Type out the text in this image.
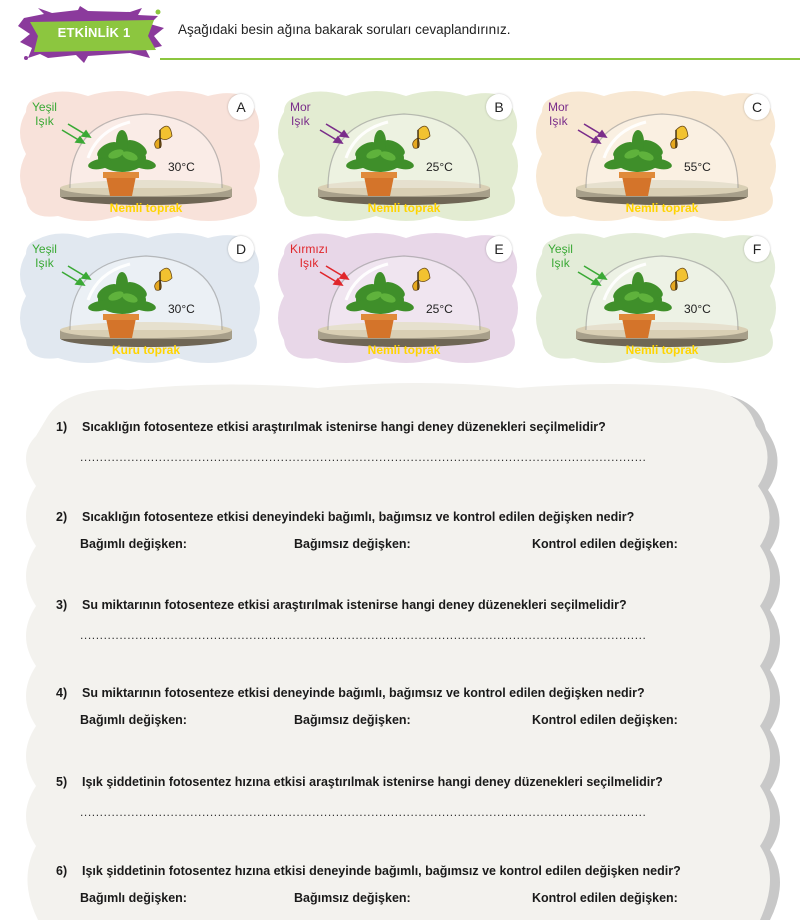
ETKİNLİK 1	Aşağıdaki besin ağına bakarak soruları cevaplandırınız.
Yeşil
Işık
A
30°C
Nemli toprak
Mor
Işık
B
25°C
Nemli toprak
Mor
Işık
C
55°C
Nemli toprak
Yeşil
Işık
D
30°C
Kuru toprak
Kırmızı
Işık
E
25°C
Nemli toprak
Yeşil
Işık
F
30°C
Nemli toprak
1) Sıcaklığın fotosenteze etkisi araştırılmak istenirse hangi deney düzenekleri seçilmelidir?
................................................................................................................................................
2) Sıcaklığın fotosenteze etkisi deneyindeki bağımlı, bağımsız ve kontrol edilen değişken nedir?
Bağımlı değişken:	Bağımsız değişken:	Kontrol edilen değişken:
3) Su miktarının fotosenteze etkisi araştırılmak istenirse hangi deney düzenekleri seçilmelidir?
................................................................................................................................................
4) Su miktarının fotosenteze etkisi deneyinde bağımlı, bağımsız ve kontrol edilen değişken nedir?
Bağımlı değişken:	Bağımsız değişken:	Kontrol edilen değişken:
5) Işık şiddetinin fotosentez hızına etkisi araştırılmak istenirse hangi deney düzenekleri seçilmelidir?
................................................................................................................................................
6) Işık şiddetinin fotosentez hızına etkisi deneyinde bağımlı, bağımsız ve kontrol edilen değişken nedir?
Bağımlı değişken:	Bağımsız değişken:	Kontrol edilen değişken:
